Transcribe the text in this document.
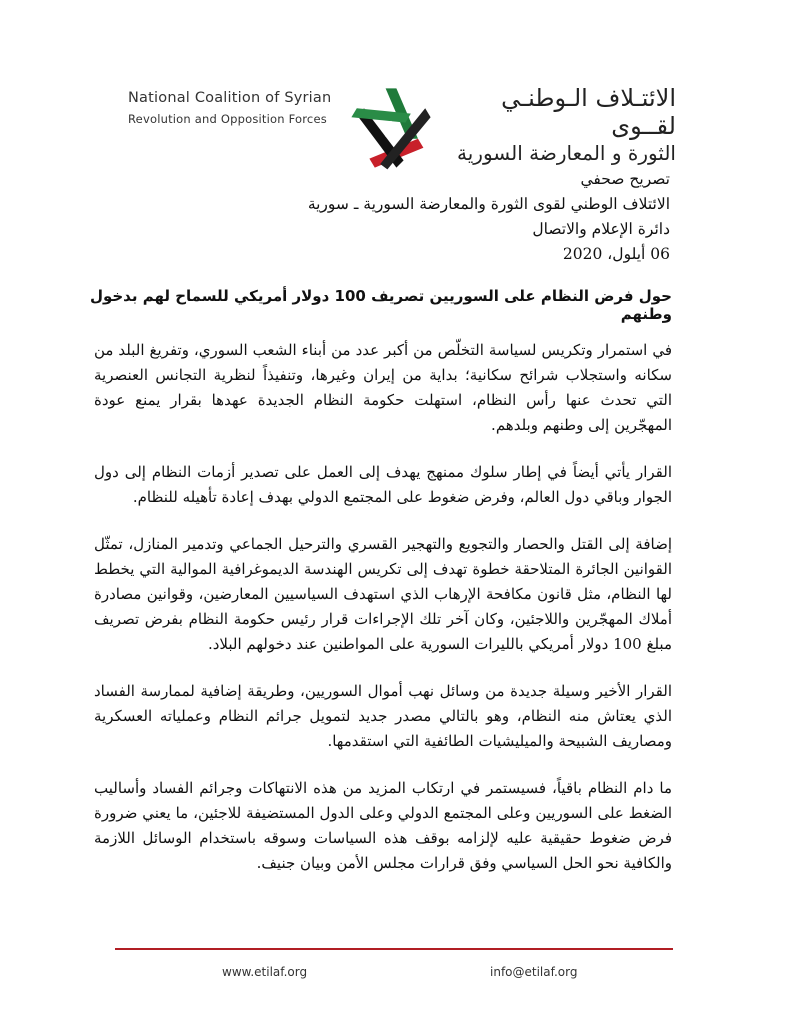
National Coalition of Syrian
Revolution and Opposition Forces
الائتـلاف الـوطنـي لقــوى
الثورة و المعارضة السورية
تصريح صحفي
الائتلاف الوطني لقوى الثورة والمعارضة السورية ـ سورية
دائرة الإعلام والاتصال
06 أيلول، 2020
حول فرض النظام على السوريين تصريف 100 دولار أمريكي للسماح لهم بدخول وطنهم

في استمرار وتكريس لسياسة التخلّص من أكبر عدد من أبناء الشعب السوري، وتفريغ البلد من سكانه واستجلاب شرائح سكانية؛ بداية من إيران وغيرها، وتنفيذاً لنظرية التجانس العنصرية التي تحدث عنها رأس النظام، استهلت حكومة النظام الجديدة عهدها بقرار يمنع عودة المهجّرين إلى وطنهم وبلدهم.

القرار يأتي أيضاً في إطار سلوك ممنهج يهدف إلى العمل على تصدير أزمات النظام إلى دول الجوار وباقي دول العالم، وفرض ضغوط على المجتمع الدولي بهدف إعادة تأهيله للنظام.

إضافة إلى القتل والحصار والتجويع والتهجير القسري والترحيل الجماعي وتدمير المنازل، تمثّل القوانين الجائرة المتلاحقة خطوة تهدف إلى تكريس الهندسة الديموغرافية الموالية التي يخطط لها النظام، مثل قانون مكافحة الإرهاب الذي استهدف السياسيين المعارضين، وقوانين مصادرة أملاك المهجّرين واللاجئين، وكان آخر تلك الإجراءات قرار رئيس حكومة النظام بفرض تصريف مبلغ 100 دولار أمريكي بالليرات السورية على المواطنين عند دخولهم البلاد.

القرار الأخير وسيلة جديدة من وسائل نهب أموال السوريين، وطريقة إضافية لممارسة الفساد الذي يعتاش منه النظام، وهو بالتالي مصدر جديد لتمويل جرائم النظام وعملياته العسكرية ومصاريف الشبيحة والميليشيات الطائفية التي استقدمها.

ما دام النظام باقياً، فسيستمر في ارتكاب المزيد من هذه الانتهاكات وجرائم الفساد وأساليب الضغط على السوريين وعلى المجتمع الدولي وعلى الدول المستضيفة للاجئين، ما يعني ضرورة فرض ضغوط حقيقية عليه لإلزامه بوقف هذه السياسات وسوقه باستخدام الوسائل اللازمة والكافية نحو الحل السياسي وفق قرارات مجلس الأمن وبيان جنيف.

www.etilaf.org	info@etilaf.org
